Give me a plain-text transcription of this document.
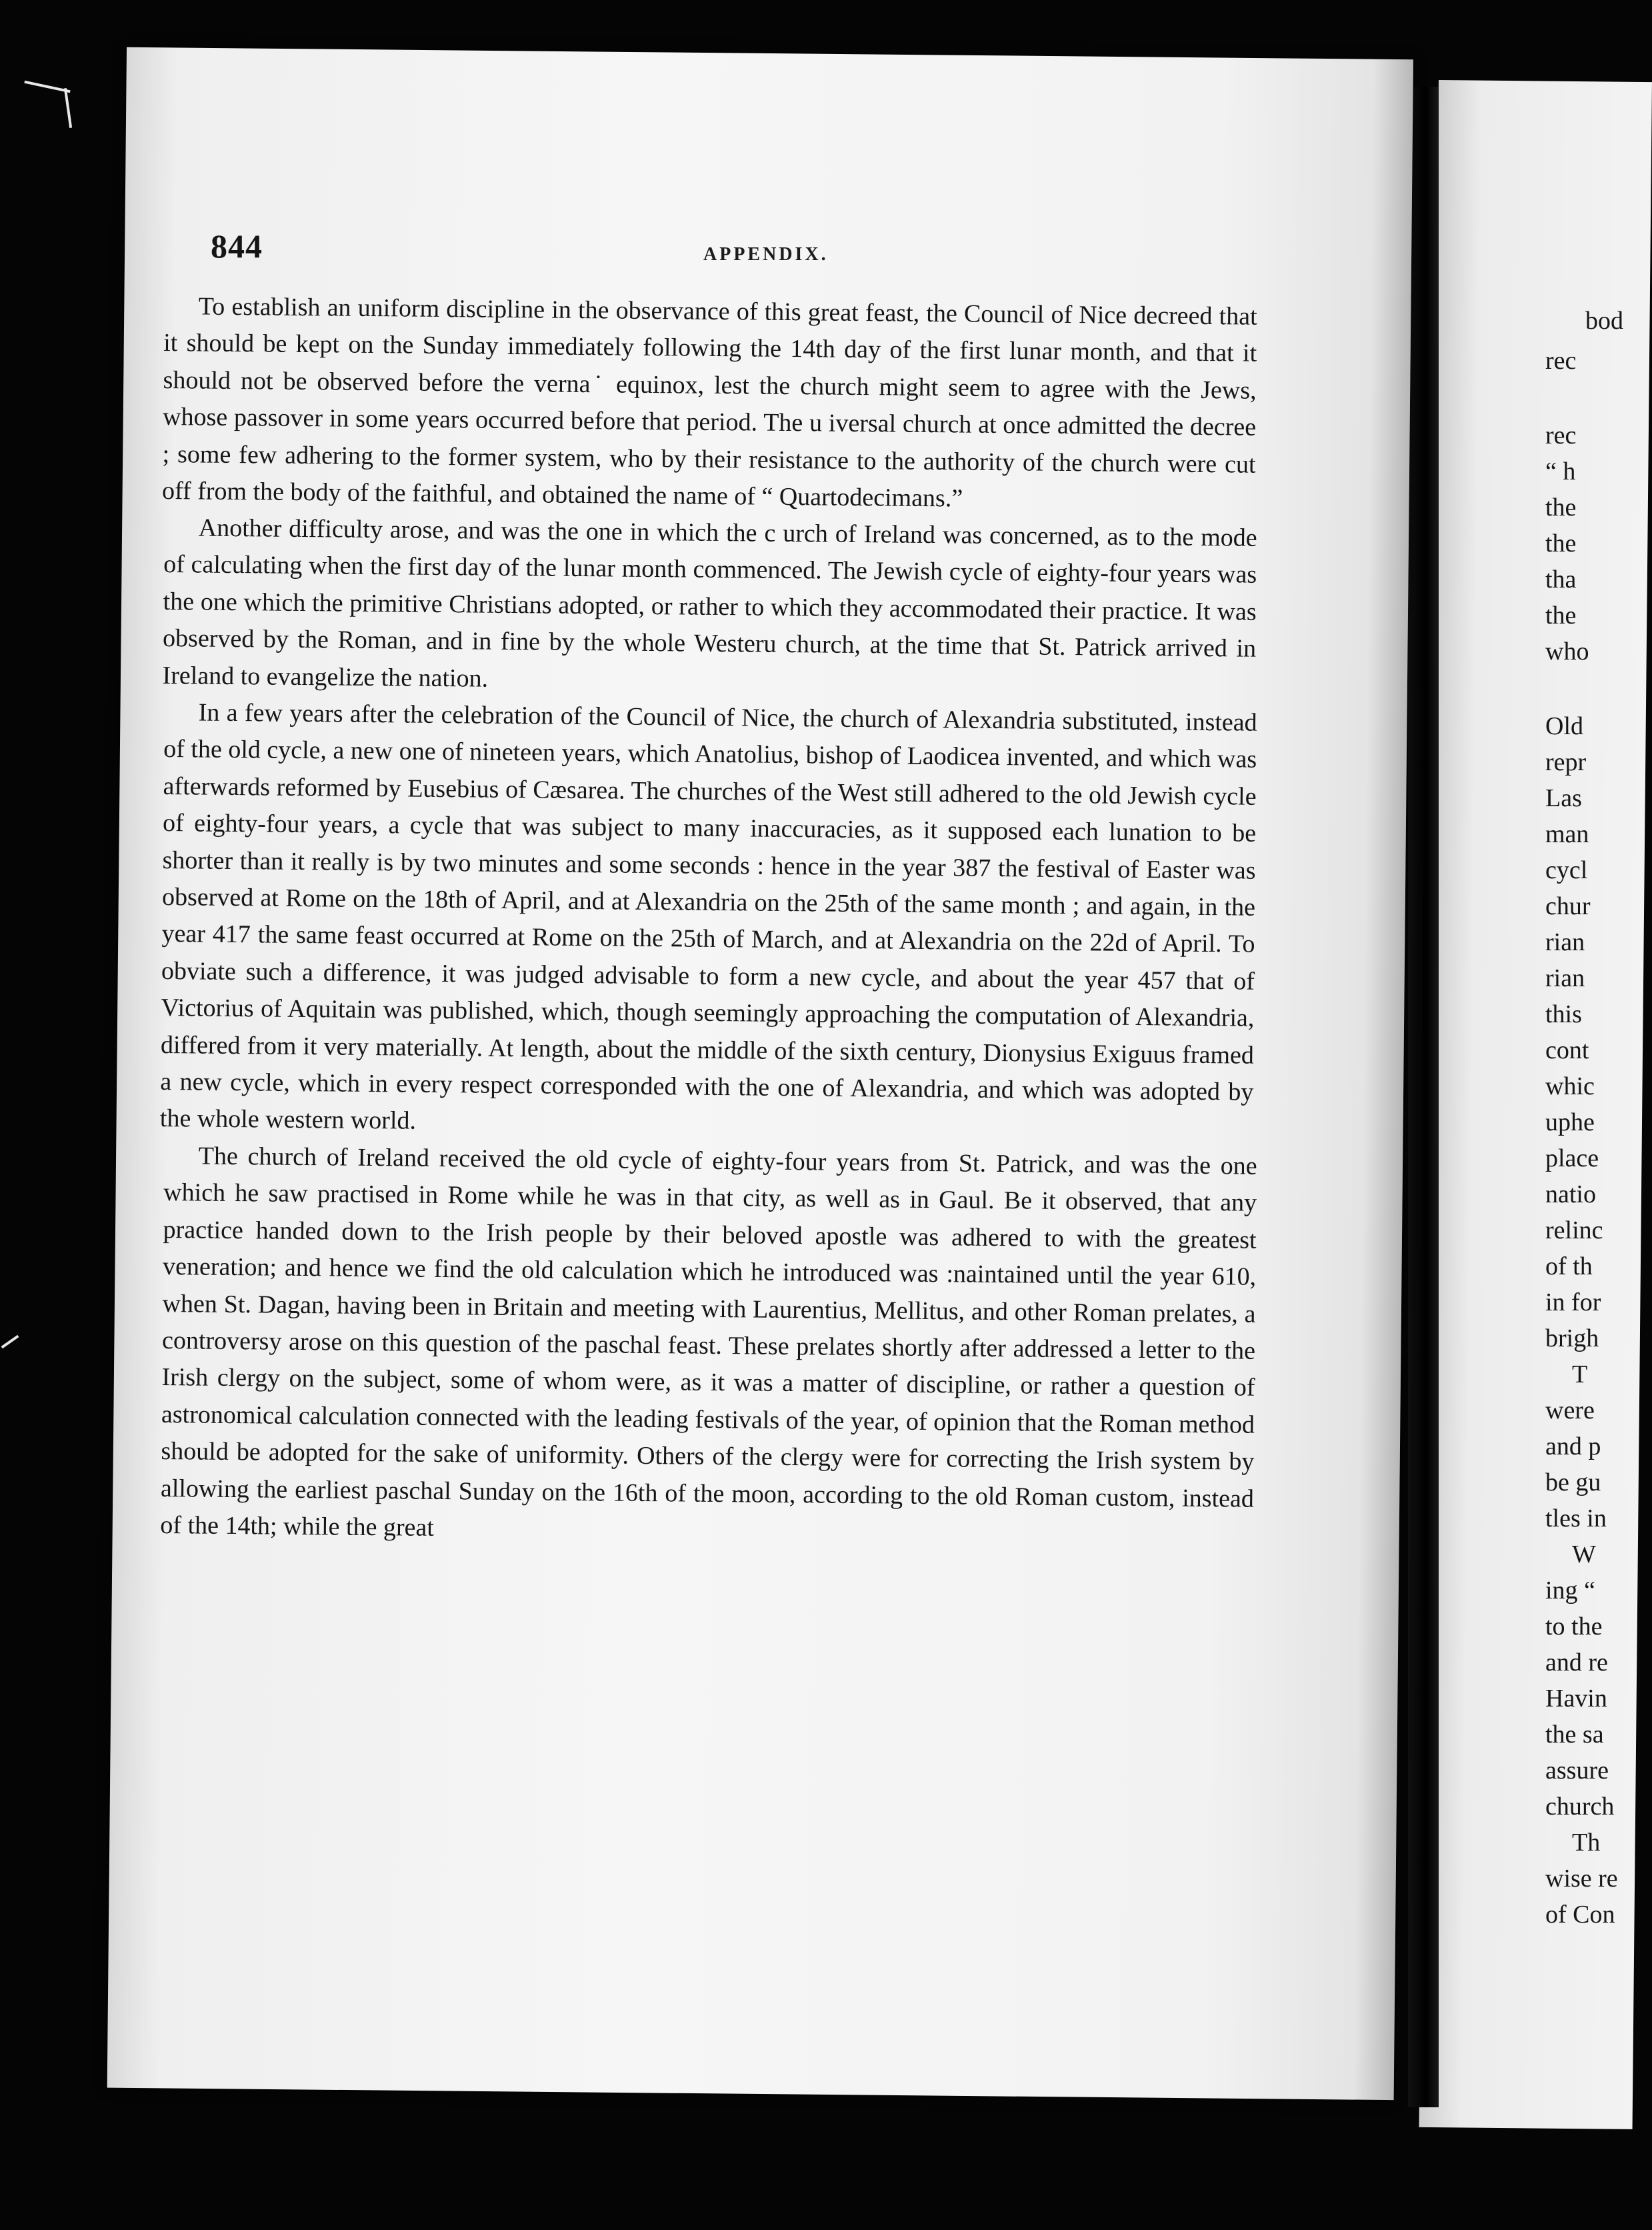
844	APPENDIX.

To establish an uniform discipline in the observance of this great feast, the Council of Nice decreed that it should be kept on the Sunday immediately following the 14th day of the first lunar month, and that it should not be observed before the verna˙ equinox, lest the church might seem to agree with the Jews, whose passover in some years occurred before that period. The u iversal church at once admitted the decree ; some few adhering to the former system, who by their resistance to the authority of the church were cut off from the body of the faithful, and obtained the name of “ Quartodecimans.”

Another difficulty arose, and was the one in which the c urch of Ireland was concerned, as to the mode of calculating when the first day of the lunar month commenced. The Jewish cycle of eighty-four years was the one which the primitive Christians adopted, or rather to which they accommodated their practice. It was observed by the Roman, and in fine by the whole Westeru church, at the time that St. Patrick arrived in Ireland to evangelize the nation.

In a few years after the celebration of the Council of Nice, the church of Alexandria substituted, instead of the old cycle, a new one of nineteen years, which Anatolius, bishop of Laodicea invented, and which was afterwards reformed by Eusebius of Cæsarea. The churches of the West still adhered to the old Jewish cycle of eighty-four years, a cycle that was subject to many inaccuracies, as it supposed each lunation to be shorter than it really is by two minutes and some seconds : hence in the year 387 the festival of Easter was observed at Rome on the 18th of April, and at Alexandria on the 25th of the same month ; and again, in the year 417 the same feast occurred at Rome on the 25th of March, and at Alexandria on the 22d of April. To obviate such a difference, it was judged advisable to form a new cycle, and about the year 457 that of Victorius of Aquitain was published, which, though seemingly approaching the computation of Alexandria, differed from it very materially. At length, about the middle of the sixth century, Dionysius Exiguus framed a new cycle, which in every respect corresponded with the one of Alexandria, and which was adopted by the whole western world.

The church of Ireland received the old cycle of eighty-four years from St. Patrick, and was the one which he saw practised in Rome while he was in that city, as well as in Gaul. Be it observed, that any practice handed down to the Irish people by their beloved apostle was adhered to with the greatest veneration; and hence we find the old calculation which he introduced was :naintained until the year 610, when St. Dagan, having been in Britain and meeting with Laurentius, Mellitus, and other Roman prelates, a controversy arose on this question of the paschal feast. These prelates shortly after addressed a letter to the Irish clergy on the subject, some of whom were, as it was a matter of discipline, or rather a question of astronomical calculation connected with the leading festivals of the year, of opinion that the Roman method should be adopted for the sake of uniformity. Others of the clergy were for correcting the Irish system by allowing the earliest paschal Sunday on the 16th of the moon, according to the old Roman custom, instead of the 14th; while the great

bod
rec
rec
“ h
the
the
tha
the
who
Old
repr
Las
man
cycl
chur
rian
rian
this
cont
whic
uphe
place
natio
relinc
of th
in for
brigh
T
were
and p
be gu
tles in
W
ing “
to the
and re
Havin
the sa
assure
church
Th
wise re
of Con
